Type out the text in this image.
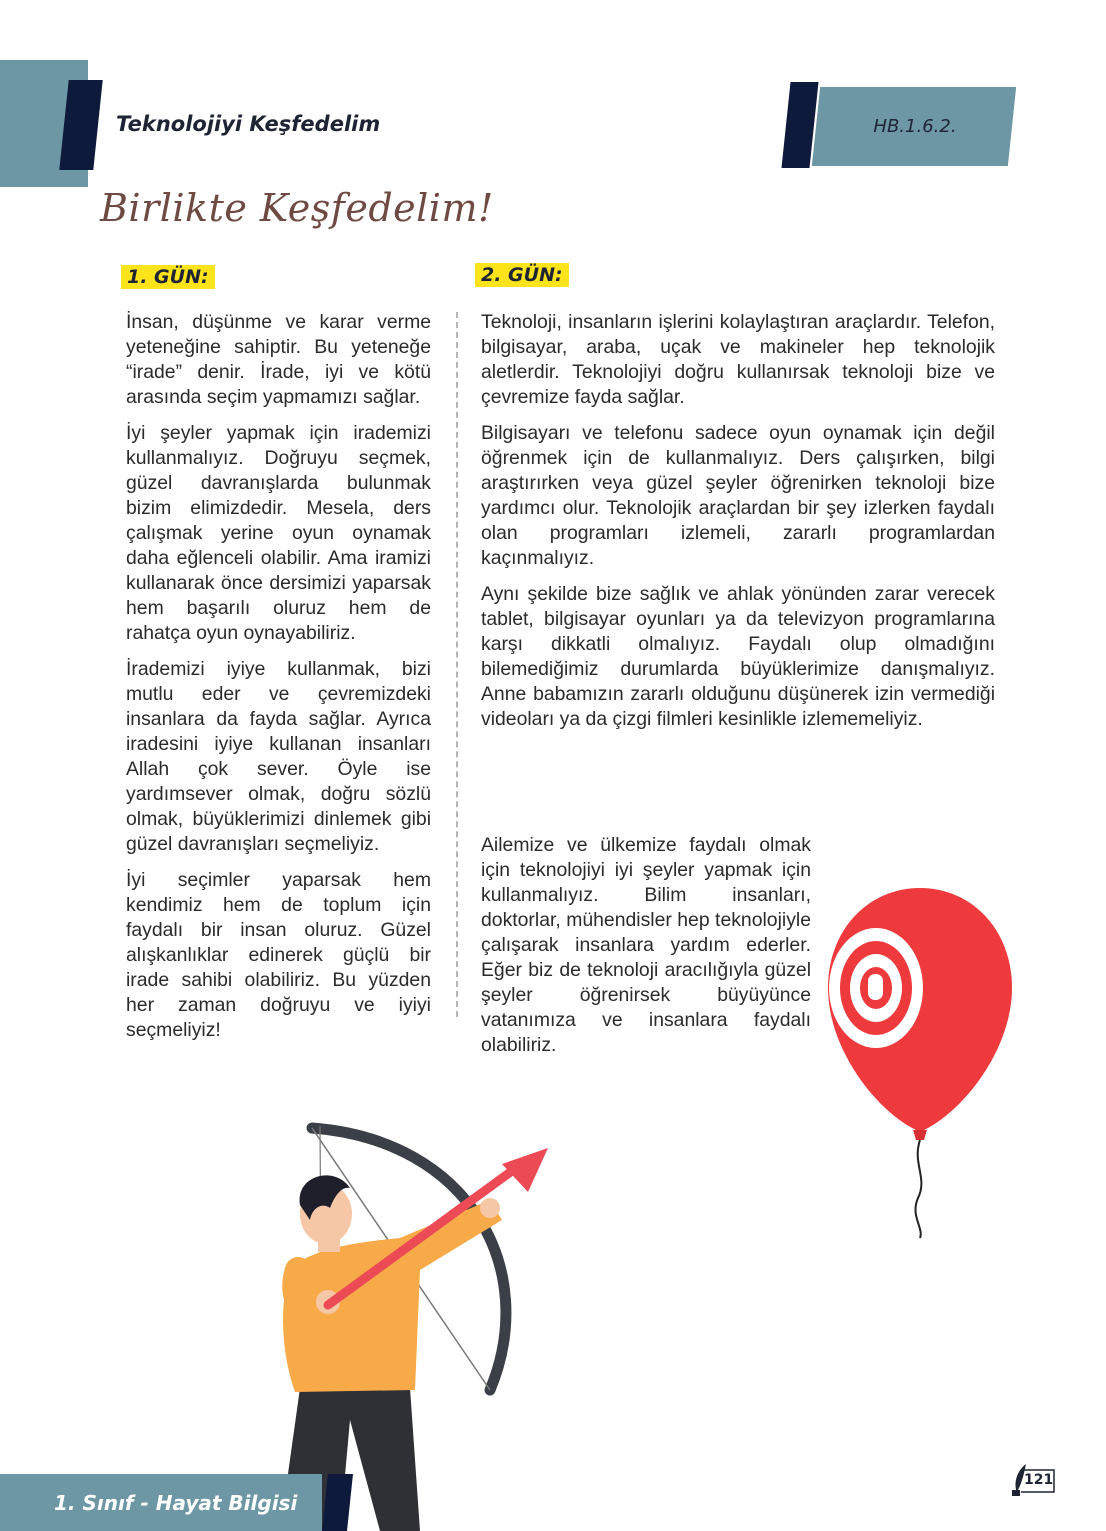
Teknolojiyi Keşfedelim	HB.1.6.2.
Birlikte Keşfedelim!
1. GÜN:	2. GÜN:

İnsan, düşünme ve karar verme yeteneğine sahiptir. Bu yeteneğe “irade” denir. İrade, iyi ve kötü arasında seçim yapmamızı sağlar.

İyi şeyler yapmak için irademizi kullanmalıyız. Doğruyu seçmek, güzel davranışlarda bulunmak bizim elimizdedir. Mesela, ders çalışmak yerine oyun oynamak daha eğlenceli olabilir. Ama iramizi kullanarak önce dersimizi yaparsak hem başarılı oluruz hem de rahatça oyun oynayabiliriz.

İrademizi iyiye kullanmak, bizi mutlu eder ve çevremizdeki insanlara da fayda sağlar. Ayrıca iradesini iyiye kullanan insanları Allah çok sever. Öyle ise yardımsever olmak, doğru sözlü olmak, büyüklerimizi dinlemek gibi güzel davranışları seçmeliyiz.

İyi seçimler yaparsak hem kendimiz hem de toplum için faydalı bir insan oluruz. Güzel alışkanlıklar edinerek güçlü bir irade sahibi olabiliriz. Bu yüzden her zaman doğruyu ve iyiyi seçmeliyiz!

Teknoloji, insanların işlerini kolaylaştıran araçlardır. Telefon, bilgisayar, araba, uçak ve makineler hep teknolojik aletlerdir. Teknolojiyi doğru kullanırsak teknoloji bize ve çevremize fayda sağlar.

Bilgisayarı ve telefonu sadece oyun oynamak için değil öğrenmek için de kullanmalıyız. Ders çalışırken, bilgi araştırırken veya güzel şeyler öğrenirken teknoloji bize yardımcı olur. Teknolojik araçlardan bir şey izlerken faydalı olan programları izlemeli, zararlı programlardan kaçınmalıyız.

Aynı şekilde bize sağlık ve ahlak yönünden zarar verecek tablet, bilgisayar oyunları ya da televizyon programlarına karşı dikkatli olmalıyız. Faydalı olup olmadığını bilemediğimiz durumlarda büyüklerimize danışmalıyız. Anne babamızın zararlı olduğunu düşünerek izin vermediği videoları ya da çizgi filmleri kesinlikle izlememeliyiz.

Ailemize ve ülkemize faydalı olmak için teknolojiyi iyi şeyler yapmak için kullanmalıyız. Bilim insanları, doktorlar, mühendisler hep teknolojiyle çalışarak insanlara yardım ederler. Eğer biz de teknoloji aracılığıyla güzel şeyler öğrenirsek büyüyünce vatanımıza ve insanlara faydalı olabiliriz.

1. Sınıf - Hayat Bilgisi
121
